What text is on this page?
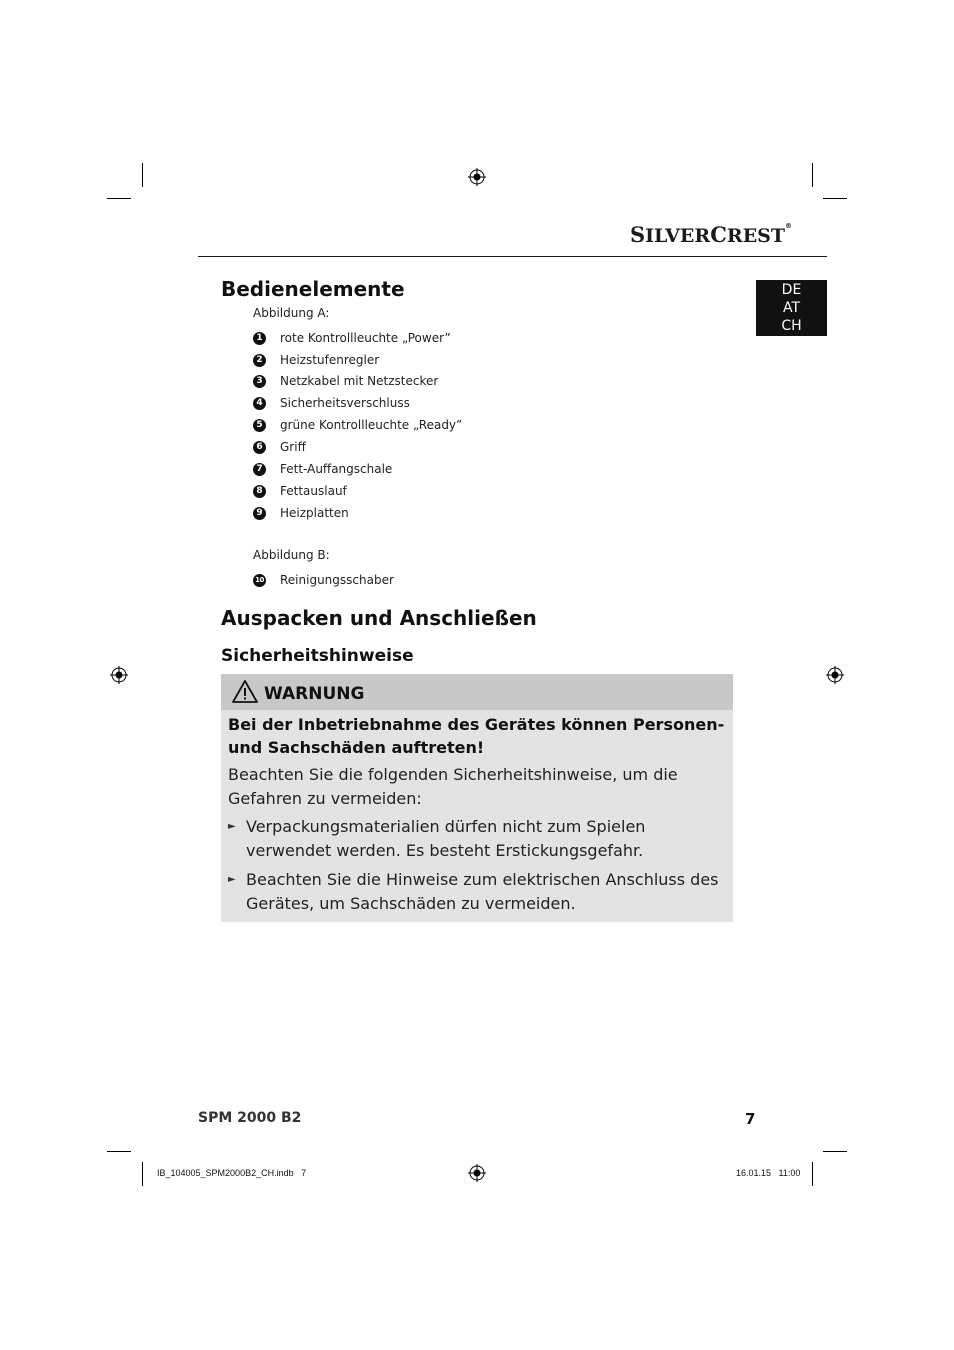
SILVERCREST®
DE
AT
CH
Bedienelemente
Abbildung A:
1 rote Kontrollleuchte „Power”
2 Heizstufenregler
3 Netzkabel mit Netzstecker
4 Sicherheitsverschluss
5 grüne Kontrollleuchte „Ready”
6 Griff
7 Fett-Auffangschale
8 Fettauslauf
9 Heizplatten
Abbildung B:
10 Reinigungsschaber
Auspacken und Anschließen
Sicherheitshinweise
WARNUNG
Bei der Inbetriebnahme des Gerätes können Personen- und Sachschäden auftreten!
Beachten Sie die folgenden Sicherheitshinweise, um die Gefahren zu vermeiden:
► Verpackungsmaterialien dürfen nicht zum Spielen verwendet werden. Es besteht Erstickungsgefahr.
► Beachten Sie die Hinweise zum elektrischen Anschluss des Gerätes, um Sachschäden zu vermeiden.
SPM 2000 B2	7
IB_104005_SPM2000B2_CH.indb   7	16.01.15   11:00
